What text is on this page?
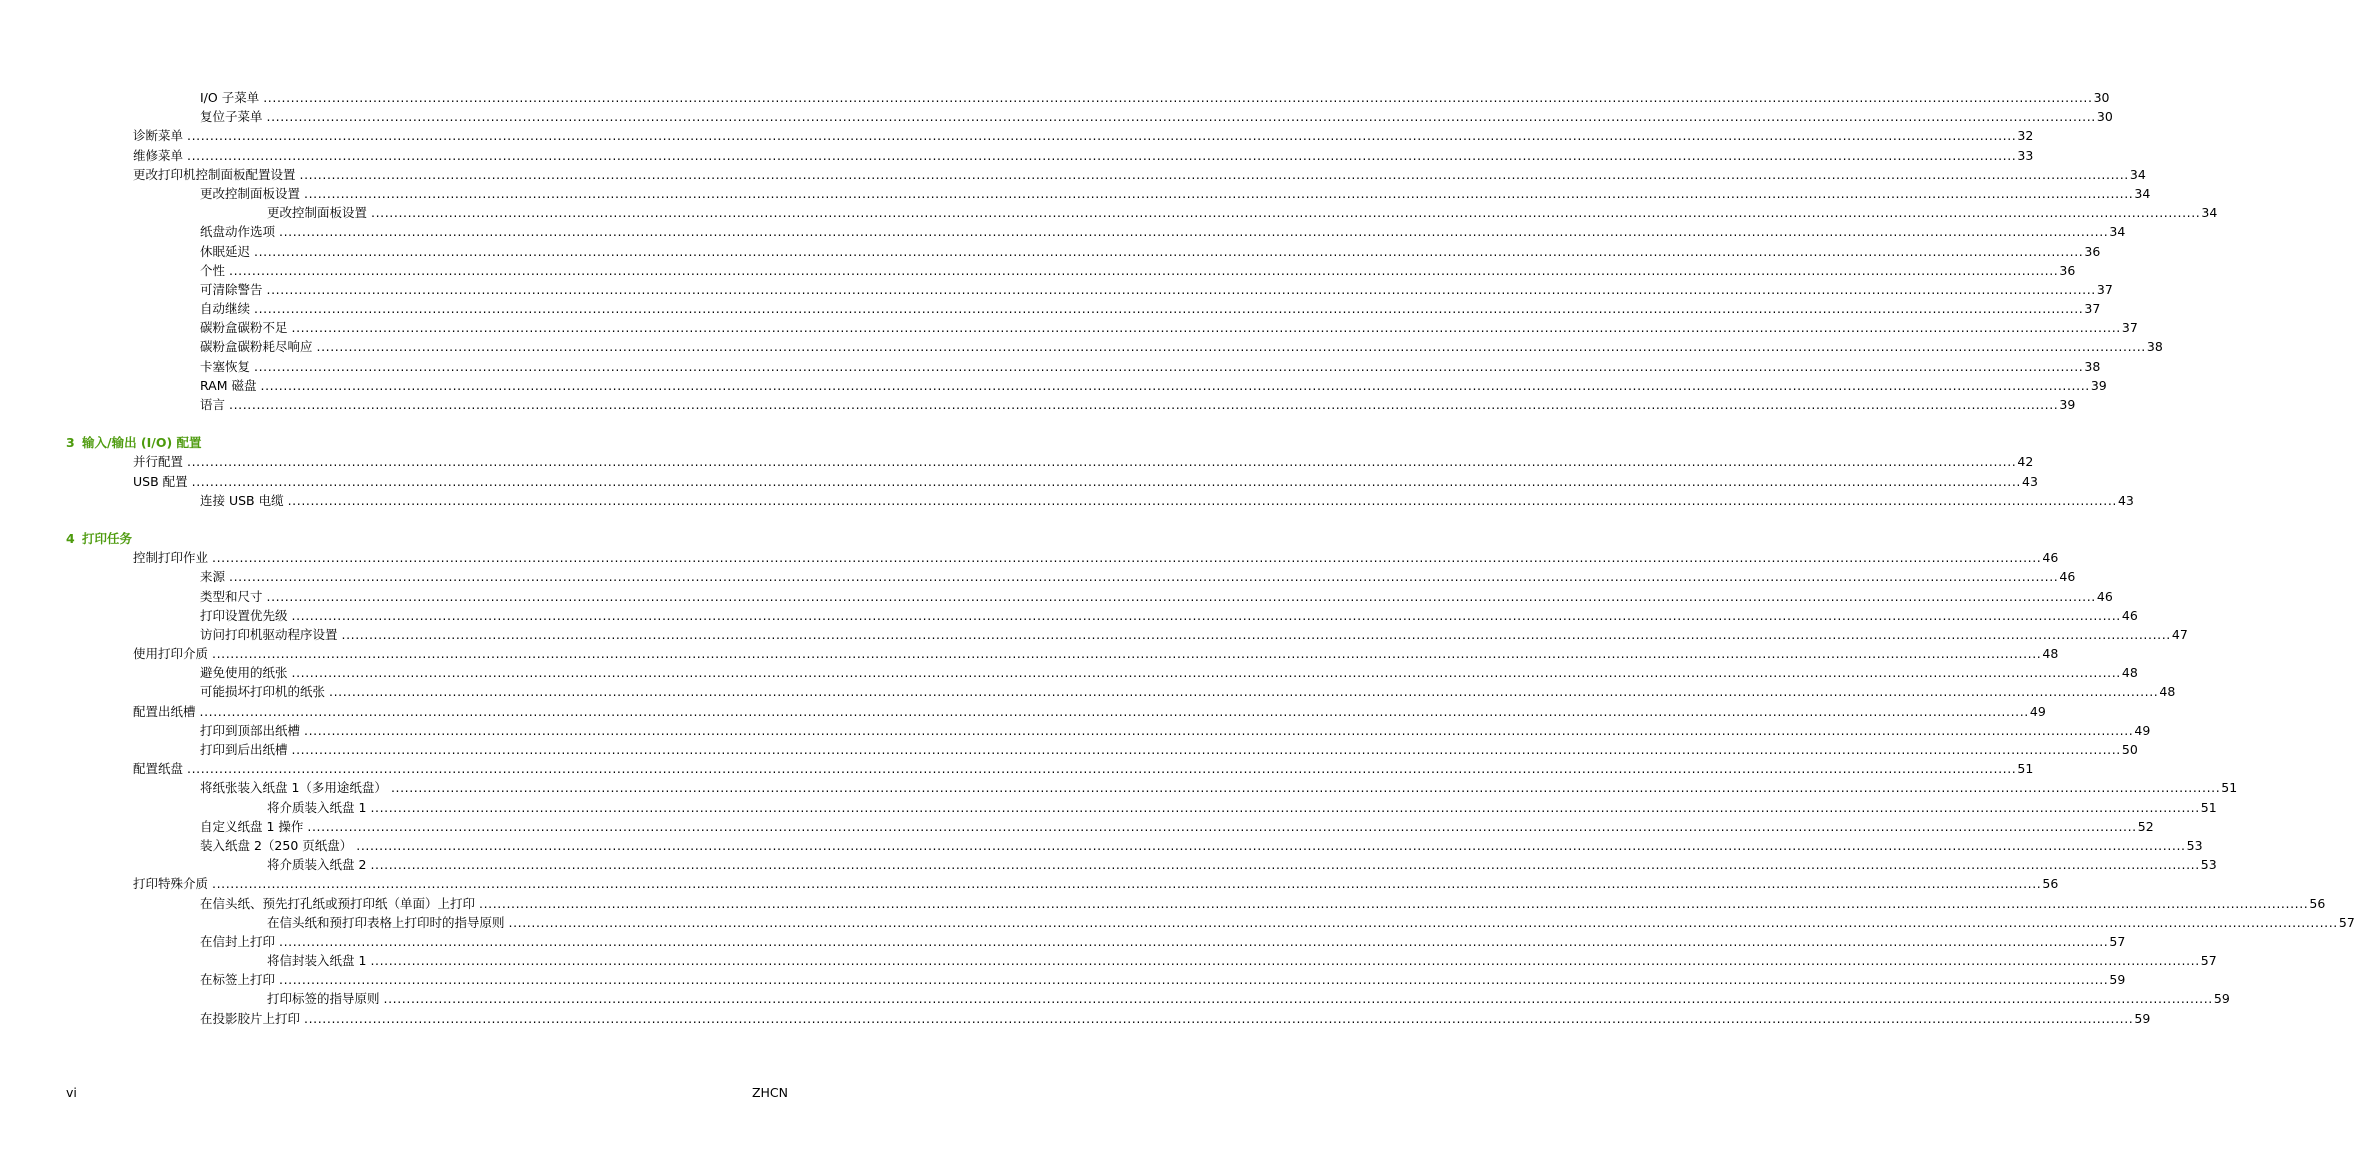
I/O 子菜单 ................................................................................................................................................................................................................................................................................................................................................................................................................ 30
复位子菜单 ................................................................................................................................................................................................................................................................................................................................................................................................................ 30
诊断菜单 ................................................................................................................................................................................................................................................................................................................................................................................................................ 32
维修菜单 ................................................................................................................................................................................................................................................................................................................................................................................................................ 33
更改打印机控制面板配置设置 ................................................................................................................................................................................................................................................................................................................................................................................................................ 34
更改控制面板设置 ................................................................................................................................................................................................................................................................................................................................................................................................................ 34
更改控制面板设置 ................................................................................................................................................................................................................................................................................................................................................................................................................ 34
纸盘动作选项 ................................................................................................................................................................................................................................................................................................................................................................................................................ 34
休眠延迟 ................................................................................................................................................................................................................................................................................................................................................................................................................ 36
个性 ................................................................................................................................................................................................................................................................................................................................................................................................................ 36
可清除警告 ................................................................................................................................................................................................................................................................................................................................................................................................................ 37
自动继续 ................................................................................................................................................................................................................................................................................................................................................................................................................ 37
碳粉盒碳粉不足 ................................................................................................................................................................................................................................................................................................................................................................................................................ 37
碳粉盒碳粉耗尽响应 ................................................................................................................................................................................................................................................................................................................................................................................................................ 38
卡塞恢复 ................................................................................................................................................................................................................................................................................................................................................................................................................ 38
RAM 磁盘 ................................................................................................................................................................................................................................................................................................................................................................................................................ 39
语言 ................................................................................................................................................................................................................................................................................................................................................................................................................ 39
3 输入/输出 (I/O) 配置
并行配置 ................................................................................................................................................................................................................................................................................................................................................................................................................ 42
USB 配置 ................................................................................................................................................................................................................................................................................................................................................................................................................ 43
连接 USB 电缆 ................................................................................................................................................................................................................................................................................................................................................................................................................ 43
4 打印任务
控制打印作业 ................................................................................................................................................................................................................................................................................................................................................................................................................ 46
来源 ................................................................................................................................................................................................................................................................................................................................................................................................................ 46
类型和尺寸 ................................................................................................................................................................................................................................................................................................................................................................................................................ 46
打印设置优先级 ................................................................................................................................................................................................................................................................................................................................................................................................................ 46
访问打印机驱动程序设置 ................................................................................................................................................................................................................................................................................................................................................................................................................ 47
使用打印介质 ................................................................................................................................................................................................................................................................................................................................................................................................................ 48
避免使用的纸张 ................................................................................................................................................................................................................................................................................................................................................................................................................ 48
可能损坏打印机的纸张 ................................................................................................................................................................................................................................................................................................................................................................................................................ 48
配置出纸槽 ................................................................................................................................................................................................................................................................................................................................................................................................................ 49
打印到顶部出纸槽 ................................................................................................................................................................................................................................................................................................................................................................................................................ 49
打印到后出纸槽 ................................................................................................................................................................................................................................................................................................................................................................................................................ 50
配置纸盘 ................................................................................................................................................................................................................................................................................................................................................................................................................ 51
将纸张装入纸盘 1（多用途纸盘） ................................................................................................................................................................................................................................................................................................................................................................................................................ 51
将介质装入纸盘 1 ................................................................................................................................................................................................................................................................................................................................................................................................................ 51
自定义纸盘 1 操作 ................................................................................................................................................................................................................................................................................................................................................................................................................ 52
装入纸盘 2（250 页纸盘） ................................................................................................................................................................................................................................................................................................................................................................................................................ 53
将介质装入纸盘 2 ................................................................................................................................................................................................................................................................................................................................................................................................................ 53
打印特殊介质 ................................................................................................................................................................................................................................................................................................................................................................................................................ 56
在信头纸、预先打孔纸或预打印纸（单面）上打印 ................................................................................................................................................................................................................................................................................................................................................................................................................ 56
在信头纸和预打印表格上打印时的指导原则 ................................................................................................................................................................................................................................................................................................................................................................................................................ 57
在信封上打印 ................................................................................................................................................................................................................................................................................................................................................................................................................ 57
将信封装入纸盘 1 ................................................................................................................................................................................................................................................................................................................................................................................................................ 57
在标签上打印 ................................................................................................................................................................................................................................................................................................................................................................................................................ 59
打印标签的指导原则 ................................................................................................................................................................................................................................................................................................................................................................................................................ 59
在投影胶片上打印 ................................................................................................................................................................................................................................................................................................................................................................................................................ 59
vi	ZHCN
